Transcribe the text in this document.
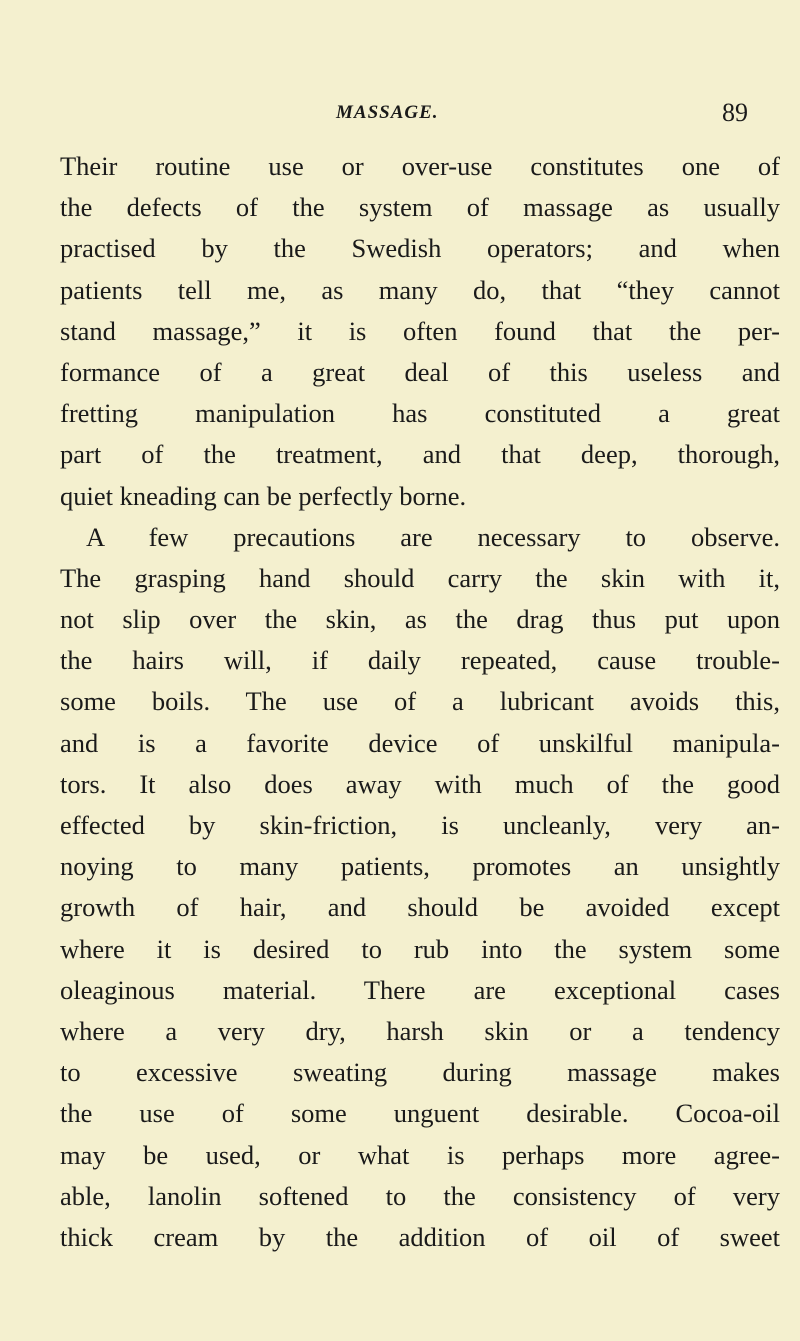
MASSAGE.	89
Their routine use or over-use constitutes one of
the defects of the system of massage as usually
practised by the Swedish operators; and when
patients tell me, as many do, that “they cannot
stand massage,” it is often found that the per-
formance of a great deal of this useless and
fretting manipulation has constituted a great
part of the treatment, and that deep, thorough,
quiet kneading can be perfectly borne.
A few precautions are necessary to observe.
The grasping hand should carry the skin with it,
not slip over the skin, as the drag thus put upon
the hairs will, if daily repeated, cause trouble-
some boils. The use of a lubricant avoids this,
and is a favorite device of unskilful manipula-
tors. It also does away with much of the good
effected by skin-friction, is uncleanly, very an-
noying to many patients, promotes an unsightly
growth of hair, and should be avoided except
where it is desired to rub into the system some
oleaginous material. There are exceptional cases
where a very dry, harsh skin or a tendency
to excessive sweating during massage makes
the use of some unguent desirable. Cocoa-oil
may be used, or what is perhaps more agree-
able, lanolin softened to the consistency of very
thick cream by the addition of oil of sweet
